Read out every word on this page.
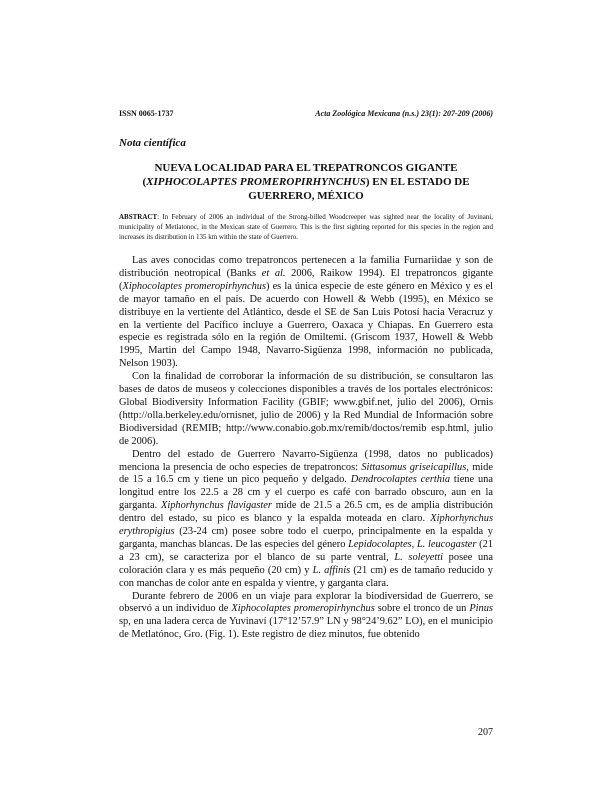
ISSN 0065-1737	Acta Zoológica Mexicana (n.s.) 23(1): 207-209 (2006)
Nota científica
NUEVA LOCALIDAD PARA EL TREPATRONCOS GIGANTE
(XIPHOCOLAPTES PROMEROPIRHYNCHUS) EN EL ESTADO DE
GUERRERO, MÉXICO
ABSTRACT: In February of 2006 an individual of the Strong-billed Woodcreeper was sighted near the locality of Juvinani, municipality of Metlatonoc, in the Mexican state of Guerrero. This is the first sighting reported for this species in the region and increases its distribution in 135 km within the state of Guerrero.

Las aves conocidas como trepatroncos pertenecen a la familia Furnariidae y son de distribución neotropical (Banks et al. 2006, Raikow 1994). El trepatroncos gigante (Xiphocolaptes promeropirhynchus) es la única especie de este género en México y es el de mayor tamaño en el país. De acuerdo con Howell & Webb (1995), en México se distribuye en la vertiente del Atlántico, desde el SE de San Luis Potosí hacia Veracruz y en la vertiente del Pacífico incluye a Guerrero, Oaxaca y Chiapas. En Guerrero esta especie es registrada sólo en la región de Omiltemi. (Griscom 1937, Howell & Webb 1995, Martin del Campo 1948, Navarro-Sigüenza 1998, información no publicada, Nelson 1903).

Con la finalidad de corroborar la información de su distribución, se consultaron las bases de datos de museos y colecciones disponibles a través de los portales electrónicos: Global Biodiversity Information Facility (GBIF; www.gbif.net, julio del 2006), Ornis (http://olla.berkeley.edu/ornisnet, julio de 2006) y la Red Mundial de Información sobre Biodiversidad (REMIB; http://www.conabio.gob.mx/remib/doctos/remib esp.html, julio de 2006).

Dentro del estado de Guerrero Navarro-Sigüenza (1998, datos no publicados) menciona la presencia de ocho especies de trepatroncos: Sittasomus griseicapillus, mide de 15 a 16.5 cm y tiene un pico pequeño y delgado. Dendrocolaptes certhia tiene una longitud entre los 22.5 a 28 cm y el cuerpo es café con barrado obscuro, aun en la garganta. Xiphorhynchus flavigaster mide de 21.5 a 26.5 cm, es de amplia distribución dentro del estado, su pico es blanco y la espalda moteada en claro. Xiphorhynchus erythropigius (23-24 cm) posee sobre todo el cuerpo, principalmente en la espalda y garganta, manchas blancas. De las especies del género Lepidocolaptes, L. leucogaster (21 a 23 cm), se caracteriza por el blanco de su parte ventral, L. soleyetti posee una coloración clara y es más pequeño (20 cm) y L. affinis (21 cm) es de tamaño reducido y con manchas de color ante en espalda y vientre, y garganta clara.

Durante febrero de 2006 en un viaje para explorar la biodiversidad de Guerrero, se observó a un individuo de Xiphocolaptes promeropirhynchus sobre el tronco de un Pinus sp, en una ladera cerca de Yuvinaví (17°12’57.9” LN y 98°24’9.62” LO), en el municipio de Metlatónoc, Gro. (Fig. 1). Este registro de diez minutos, fue obtenido

207
